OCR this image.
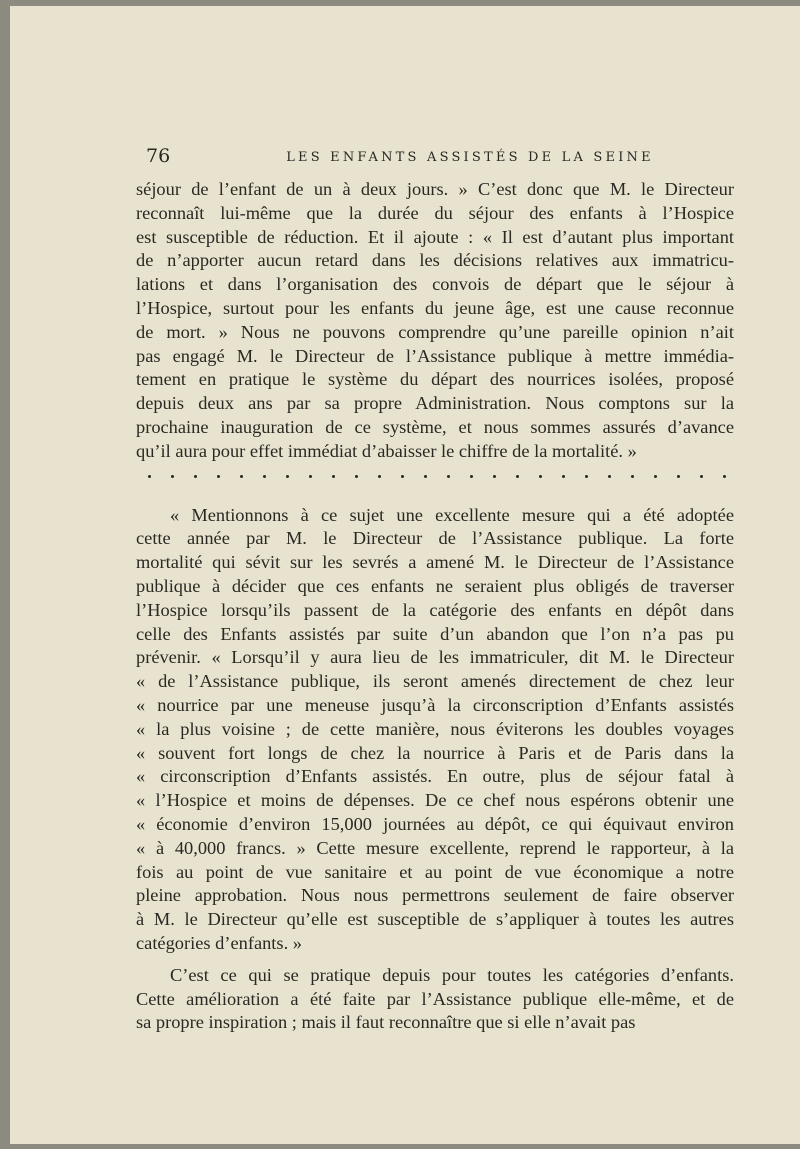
76	LES ENFANTS ASSISTÉS DE LA SEINE
séjour de l’enfant de un à deux jours. » C’est donc que M. le Directeur
reconnaît lui-même que la durée du séjour des enfants à l’Hospice
est susceptible de réduction. Et il ajoute : « Il est d’autant plus important
de n’apporter aucun retard dans les décisions relatives aux immatricu-
lations et dans l’organisation des convois de départ que le séjour à
l’Hospice, surtout pour les enfants du jeune âge, est une cause reconnue
de mort. » Nous ne pouvons comprendre qu’une pareille opinion n’ait
pas engagé M. le Directeur de l’Assistance publique à mettre immédia-
tement en pratique le système du départ des nourrices isolées, proposé
depuis deux ans par sa propre Administration. Nous comptons sur la
prochaine inauguration de ce système, et nous sommes assurés d’avance
qu’il aura pour effet immédiat d’abaisser le chiffre de la mortalité. »
« Mentionnons à ce sujet une excellente mesure qui a été adoptée
cette année par M. le Directeur de l’Assistance publique. La forte
mortalité qui sévit sur les sevrés a amené M. le Directeur de l’Assistance
publique à décider que ces enfants ne seraient plus obligés de traverser
l’Hospice lorsqu’ils passent de la catégorie des enfants en dépôt dans
celle des Enfants assistés par suite d’un abandon que l’on n’a pas pu
prévenir. « Lorsqu’il y aura lieu de les immatriculer, dit M. le Directeur
« de l’Assistance publique, ils seront amenés directement de chez leur
« nourrice par une meneuse jusqu’à la circonscription d’Enfants assistés
« la plus voisine ; de cette manière, nous éviterons les doubles voyages
« souvent fort longs de chez la nourrice à Paris et de Paris dans la
« circonscription d’Enfants assistés. En outre, plus de séjour fatal à
« l’Hospice et moins de dépenses. De ce chef nous espérons obtenir une
« économie d’environ 15,000 journées au dépôt, ce qui équivaut environ
« à 40,000 francs. » Cette mesure excellente, reprend le rapporteur, à la
fois au point de vue sanitaire et au point de vue économique a notre
pleine approbation. Nous nous permettrons seulement de faire observer
à M. le Directeur qu’elle est susceptible de s’appliquer à toutes les autres
catégories d’enfants. »
C’est ce qui se pratique depuis pour toutes les catégories d’enfants.
Cette amélioration a été faite par l’Assistance publique elle-même, et de
sa propre inspiration ; mais il faut reconnaître que si elle n’avait pas
